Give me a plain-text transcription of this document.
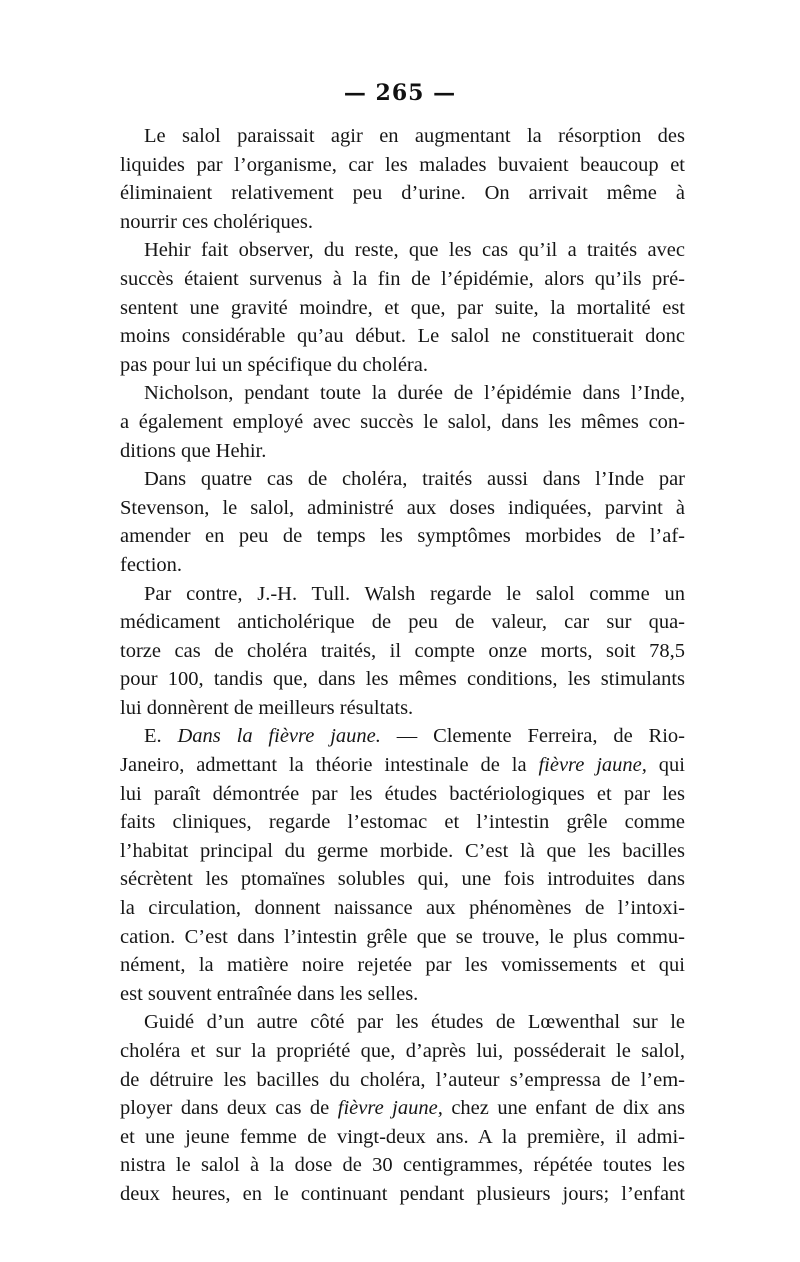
— 265 —
Le salol paraissait agir en augmentant la résorption des
liquides par l’organisme, car les malades buvaient beaucoup et
éliminaient relativement peu d’urine. On arrivait même à
nourrir ces cholériques.
Hehir fait observer, du reste, que les cas qu’il a traités avec
succès étaient survenus à la fin de l’épidémie, alors qu’ils pré-
sentent une gravité moindre, et que, par suite, la mortalité est
moins considérable qu’au début. Le salol ne constituerait donc
pas pour lui un spécifique du choléra.
Nicholson, pendant toute la durée de l’épidémie dans l’Inde,
a également employé avec succès le salol, dans les mêmes con-
ditions que Hehir.
Dans quatre cas de choléra, traités aussi dans l’Inde par
Stevenson, le salol, administré aux doses indiquées, parvint à
amender en peu de temps les symptômes morbides de l’af-
fection.
Par contre, J.-H. Tull. Walsh regarde le salol comme un
médicament anticholérique de peu de valeur, car sur qua-
torze cas de choléra traités, il compte onze morts, soit 78,5
pour 100, tandis que, dans les mêmes conditions, les stimulants
lui donnèrent de meilleurs résultats.
E. Dans la fièvre jaune. — Clemente Ferreira, de Rio-
Janeiro, admettant la théorie intestinale de la fièvre jaune, qui
lui paraît démontrée par les études bactériologiques et par les
faits cliniques, regarde l’estomac et l’intestin grêle comme
l’habitat principal du germe morbide. C’est là que les bacilles
sécrètent les ptomaïnes solubles qui, une fois introduites dans
la circulation, donnent naissance aux phénomènes de l’intoxi-
cation. C’est dans l’intestin grêle que se trouve, le plus commu-
nément, la matière noire rejetée par les vomissements et qui
est souvent entraînée dans les selles.
Guidé d’un autre côté par les études de Lœwenthal sur le
choléra et sur la propriété que, d’après lui, posséderait le salol,
de détruire les bacilles du choléra, l’auteur s’empressa de l’em-
ployer dans deux cas de fièvre jaune, chez une enfant de dix ans
et une jeune femme de vingt-deux ans. A la première, il admi-
nistra le salol à la dose de 30 centigrammes, répétée toutes les
deux heures, en le continuant pendant plusieurs jours; l’enfant
